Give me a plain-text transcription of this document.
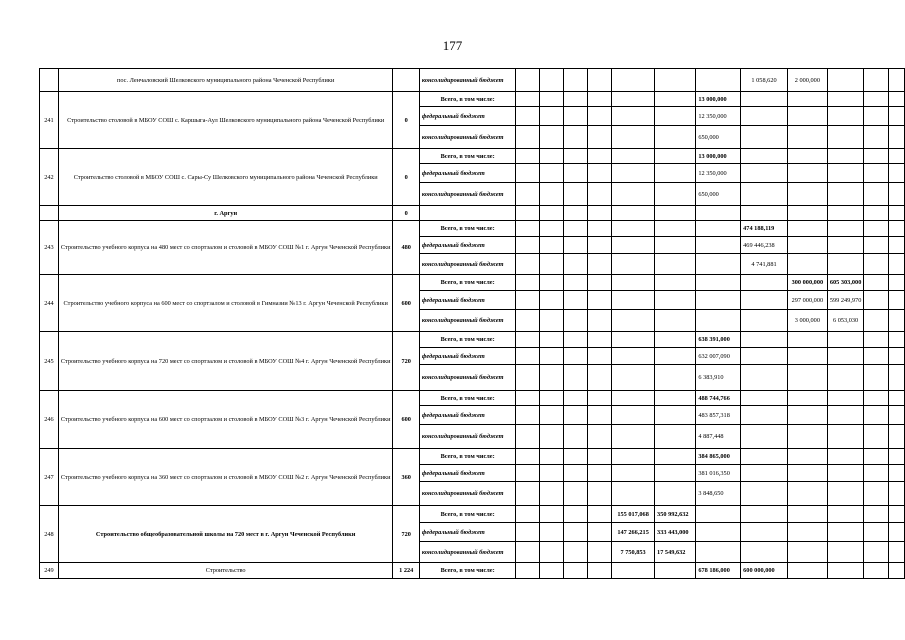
177
	пос. Ленчаловский Шелковского муниципального района Чеченской Республики		консолидированный бюджет								1 058,620	2 000,000			
241	Строительство столовой в МБОУ СОШ с. Каршыга-Аул Шелковского муниципального района Чеченской Республики	0	Всего, в том числе:							13 000,000					
			федеральный бюджет							12 350,000					
			консолидированный бюджет							650,000					
242	Строительство столовой в МБОУ СОШ с. Сары-Су Шелковского муниципального района Чеченской Республики	0	Всего, в том числе:							13 000,000					
			федеральный бюджет							12 350,000					
			консолидированный бюджет							650,000					
	г. Аргун	0													
243	Строительство учебного корпуса на 480 мест со спортзалом и столовой в МБОУ СОШ №1 г. Аргун Чеченской Республики	480	Всего, в том числе:								474 188,119				
			федеральный бюджет								469 446,238				
			консолидированный бюджет								4 741,881				
244	Строительство учебного корпуса на 600 мест со спортзалом и столовой в Гимназии №13 г. Аргун Чеченской Республики	600	Всего, в том числе:									300 000,000	605 303,000		
			федеральный бюджет									297 000,000	599 249,970		
			консолидированный бюджет									3 000,000	6 053,030		
245	Строительство учебного корпуса на 720 мест со спортзалом и столовой в МБОУ СОШ №4 г. Аргун Чеченской Республики	720	Всего, в том числе:							638 391,000					
			федеральный бюджет							632 007,090					
			консолидированный бюджет							6 383,910					
246	Строительство учебного корпуса на 600 мест со спортзалом и столовой в МБОУ СОШ №3 г. Аргун Чеченской Республики	600	Всего, в том числе:							488 744,766					
			федеральный бюджет							483 857,318					
			консолидированный бюджет							4 887,448					
247	Строительство учебного корпуса на 360 мест со спортзалом и столовой в МБОУ СОШ №2 г. Аргун Чеченской Республики	360	Всего, в том числе:							384 865,000					
			федеральный бюджет							381 016,350					
			консолидированный бюджет							3 848,650					
248	Строительство общеобразовательной школы на 720 мест в г. Аргун Чеченской Республики	720	Всего, в том числе:					155 017,068	350 992,632						
			федеральный бюджет					147 266,215	333 443,000						
			консолидированный бюджет					7 750,853	17 549,632						
249	Строительство	1 224	Всего, в том числе:							678 186,000	600 000,000				
